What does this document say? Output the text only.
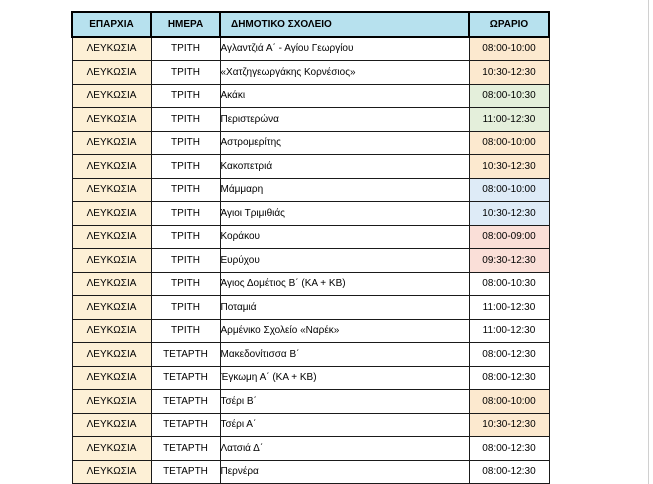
ΕΠΑΡΧΙΑ	ΗΜΕΡΑ	ΔΗΜΟΤΙΚΟ ΣΧΟΛΕΙΟ	ΩΡΑΡΙΟ
ΛΕΥΚΩΣΙΑ	ΤΡΙΤΗ	Αγλαντζιά Α΄ - Αγίου Γεωργίου	08:00-10:00
ΛΕΥΚΩΣΙΑ	ΤΡΙΤΗ	«Χατζηγεωργάκης Κορνέσιος»	10:30-12:30
ΛΕΥΚΩΣΙΑ	ΤΡΙΤΗ	Ακάκι	08:00-10:30
ΛΕΥΚΩΣΙΑ	ΤΡΙΤΗ	Περιστερώνα	11:00-12:30
ΛΕΥΚΩΣΙΑ	ΤΡΙΤΗ	Αστρομερίτης	08:00-10:00
ΛΕΥΚΩΣΙΑ	ΤΡΙΤΗ	Κακοπετριά	10:30-12:30
ΛΕΥΚΩΣΙΑ	ΤΡΙΤΗ	Μάμμαρη	08:00-10:00
ΛΕΥΚΩΣΙΑ	ΤΡΙΤΗ	Άγιοι Τριμιθιάς	10:30-12:30
ΛΕΥΚΩΣΙΑ	ΤΡΙΤΗ	Κοράκου	08:00-09:00
ΛΕΥΚΩΣΙΑ	ΤΡΙΤΗ	Ευρύχου	09:30-12:30
ΛΕΥΚΩΣΙΑ	ΤΡΙΤΗ	Άγιος Δομέτιος Β΄ (ΚΑ + ΚΒ)	08:00-10:30
ΛΕΥΚΩΣΙΑ	ΤΡΙΤΗ	Ποταμιά	11:00-12:30
ΛΕΥΚΩΣΙΑ	ΤΡΙΤΗ	Αρμένικο Σχολείο «Ναρέκ»	11:00-12:30
ΛΕΥΚΩΣΙΑ	ΤΕΤΑΡΤΗ	Μακεδονίτισσα Β΄	08:00-12:30
ΛΕΥΚΩΣΙΑ	ΤΕΤΑΡΤΗ	Έγκωμη Α΄ (ΚΑ + ΚΒ)	08:00-12:30
ΛΕΥΚΩΣΙΑ	ΤΕΤΑΡΤΗ	Τσέρι Β΄	08:00-10:00
ΛΕΥΚΩΣΙΑ	ΤΕΤΑΡΤΗ	Τσέρι Α΄	10:30-12:30
ΛΕΥΚΩΣΙΑ	ΤΕΤΑΡΤΗ	Λατσιά Δ΄	08:00-12:30
ΛΕΥΚΩΣΙΑ	ΤΕΤΑΡΤΗ	Περνέρα	08:00-12:30
